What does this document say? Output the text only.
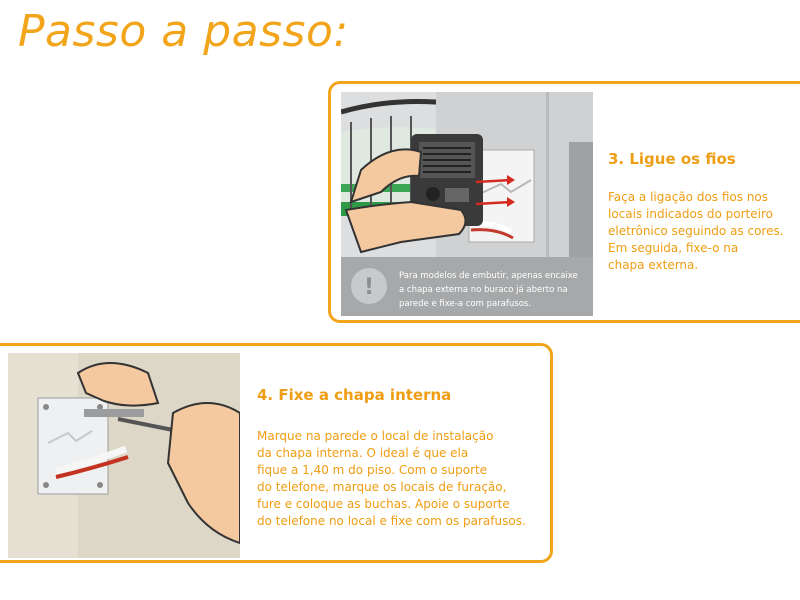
Passo a passo:
!	Para modelos de embutir, apenas encaixe
a chapa externa no buraco já aberto na
parede e fixe-a com parafusos.
3. Ligue os fios

Faça a ligação dos fios nos
locais indicados do porteiro
eletrônico seguindo as cores.
Em seguida, fixe-o na
chapa externa.

4. Fixe a chapa interna

Marque na parede o local de instalação
da chapa interna. O ideal é que ela
fique a 1,40 m do piso. Com o suporte
do telefone, marque os locais de furação,
fure e coloque as buchas. Apoie o suporte
do telefone no local e fixe com os parafusos.
